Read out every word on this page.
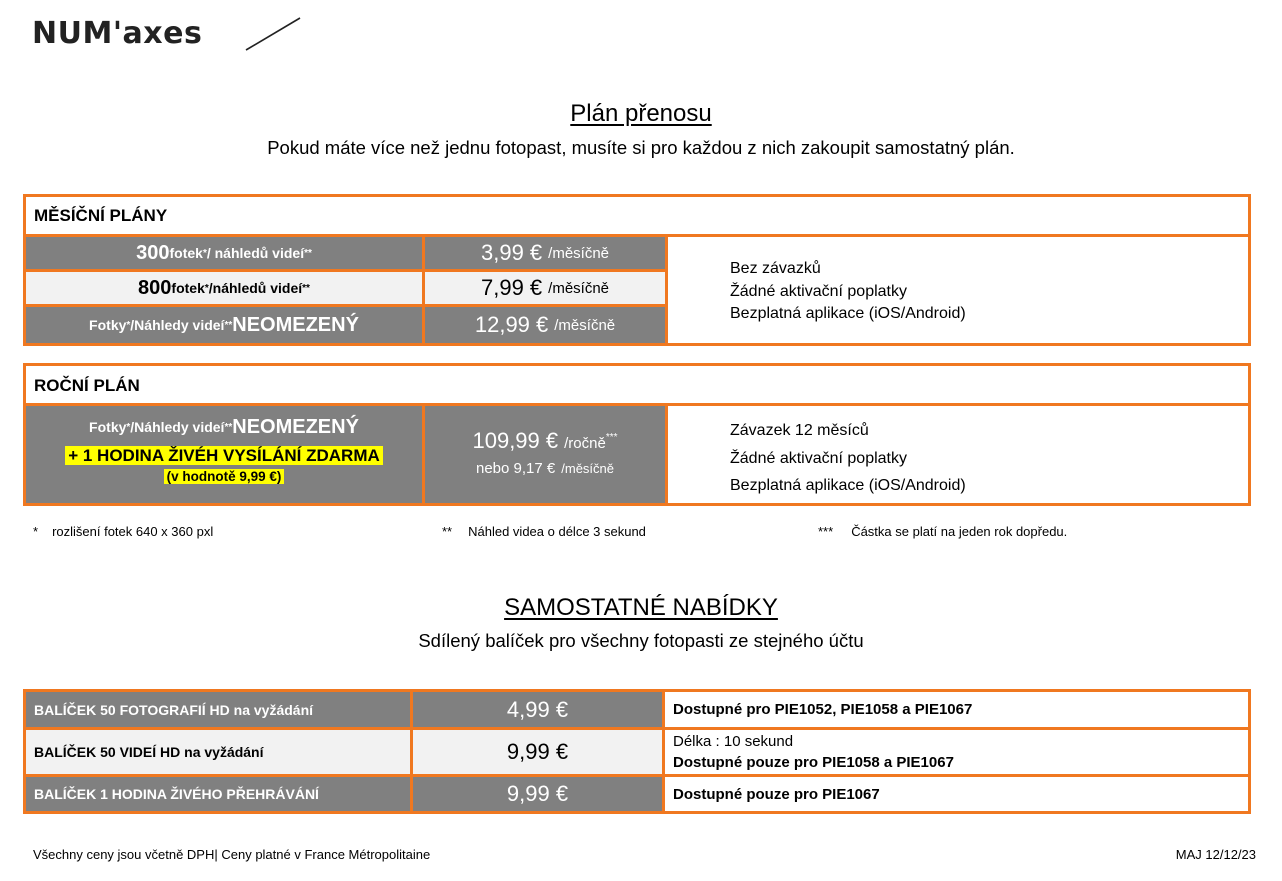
NUM'axes
Plán přenosu
Pokud máte více než jednu fotopast, musíte si pro každou z nich zakoupit samostatný plán.
MĚSÍČNÍ PLÁNY
300 fotek * / náhledů videí **	3,99 € /měsíčně
800 fotek * /náhledů videí **	7,99 € /měsíčně
Fotky * /Náhledy videí ** NEOMEZENÝ	12,99 € /měsíčně
Bez závazků
Žádné aktivační poplatky
Bezplatná aplikace (iOS/Android)
ROČNÍ PLÁN
Fotky * /Náhledy videí ** NEOMEZENÝ
+ 1 HODINA ŽIVÉH VYSÍLÁNÍ ZDARMA
(v hodnotě 9,99 €)
109,99 € /ročně***
nebo 9,17 € /měsíčně
Závazek 12 měsíců
Žádné aktivační poplatky
Bezplatná aplikace (iOS/Android)
* rozlišení fotek 640 x 360 pxl	** Náhled videa o délce 3 sekund	*** Částka se platí na jeden rok dopředu.
SAMOSTATNÉ NABÍDKY
Sdílený balíček pro všechny fotopasti ze stejného účtu
BALÍČEK 50 FOTOGRAFIÍ HD na vyžádání	4,99 €	Dostupné pro PIE1052, PIE1058 a PIE1067
BALÍČEK 50 VIDEÍ HD na vyžádání	9,99 €	Délka : 10 sekund
Dostupné pouze pro PIE1058 a PIE1067
BALÍČEK 1 HODINA ŽIVÉHO PŘEHRÁVÁNÍ	9,99 €	Dostupné pouze pro PIE1067
Všechny ceny jsou včetně DPH| Ceny platné v France Métropolitaine	MAJ 12/12/23
